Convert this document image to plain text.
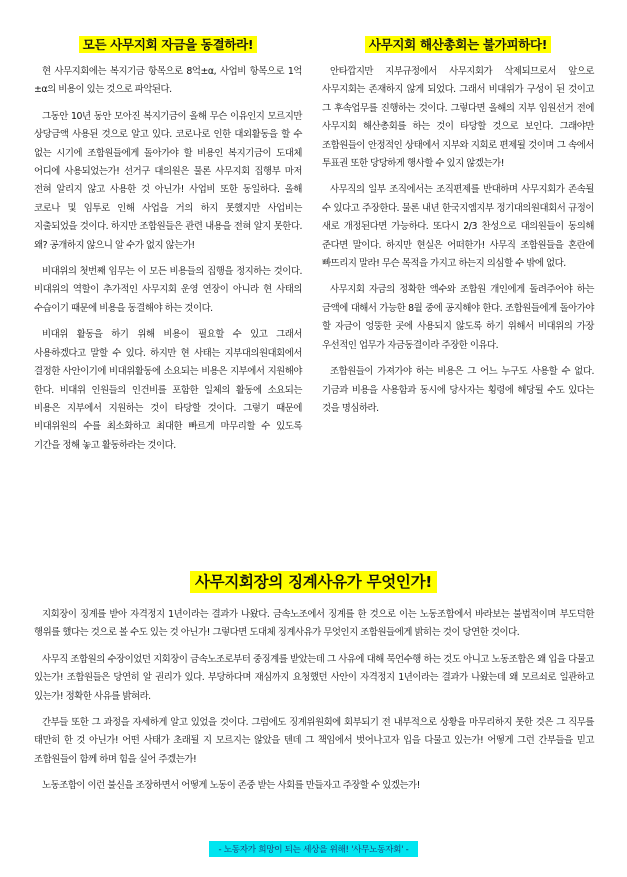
모든 사무지회 자금을 동결하라!

현 사무지회에는 복지기금 항목으로 8억±α, 사업비 항목으로 1억±α의 비용이 있는 것으로 파악된다.

그동안 10년 동안 모아진 복지기금이 올해 무슨 이유인지 모르지만 상당금액 사용된 것으로 알고 있다. 코로나로 인한 대외활동을 할 수 없는 시기에 조합원들에게 돌아가야 할 비용인 복지기금이 도대체 어디에 사용되었는가! 선거구 대의원은 물론 사무지회 집행부 마저 전혀 알리지 않고 사용한 것 아닌가! 사업비 또한 동일하다. 올해 코로나 및 임투로 인해 사업을 거의 하지 못했지만 사업비는 지출되었을 것이다. 하지만 조합원들은 관련 내용을 전혀 알지 못한다. 왜? 공개하지 않으니 알 수가 없지 않는가!

비대위의 첫번째 임무는 이 모든 비용들의 집행을 정지하는 것이다. 비대위의 역할이 추가적인 사무지회 운영 연장이 아니라 현 사태의 수습이기 때문에 비용을 동결해야 하는 것이다.

비대위 활동을 하기 위해 비용이 필요할 수 있고 그래서 사용하겠다고 말할 수 있다. 하지만 현 사태는 지부대의원대회에서 결정한 사안이기에 비대위활동에 소요되는 비용은 지부에서 지원해야 한다. 비대위 인원들의 인건비를 포함한 일체의 활동에 소요되는 비용은 지부에서 지원하는 것이 타당할 것이다. 그렇기 때문에 비대위원의 수를 최소화하고 최대한 빠르게 마무리할 수 있도록 기간을 정해 놓고 활동하라는 것이다.

사무지회 해산총회는 불가피하다!

안타깝지만 지부규정에서 사무지회가 삭제되므로서 앞으로 사무지회는 존재하지 않게 되었다. 그래서 비대위가 구성이 된 것이고 그 후속업무를 진행하는 것이다. 그렇다면 올해의 지부 임원선거 전에 사무지회 해산총회를 하는 것이 타당할 것으로 보인다. 그래야만 조합원들이 안정적인 상태에서 지부와 지회로 편제될 것이며 그 속에서 투표권 또한 당당하게 행사할 수 있지 않겠는가!

사무직의 일부 조직에서는 조직편제를 반대하며 사무지회가 존속될 수 있다고 주장한다. 물론 내년 한국지엠지부 정기대의원대회서 규정이 새로 개정된다면 가능하다. 또다시 2/3 찬성으로 대의원들이 동의해 준다면 말이다. 하지만 현실은 어떠한가! 사무직 조합원들을 혼란에 빠뜨리지 말라! 무슨 목적을 가지고 하는지 의심할 수 밖에 없다.

사무지회 자금의 정확한 액수와 조합원 개인에게 돌려주어야 하는 금액에 대해서 가능한 8월 중에 공지해야 한다. 조합원들에게 돌아가야 할 자금이 엉뚱한 곳에 사용되지 않도록 하기 위해서 비대위의 가장 우선적인 업무가 자금동결이라 주장한 이유다.

조합원들이 가져가야 하는 비용은 그 어느 누구도 사용할 수 없다. 기금과 비용을 사용함과 동시에 당사자는 횡령에 해당될 수도 있다는 것을 명심하라.

사무지회장의 징계사유가 무엇인가!

지회장이 징계를 받아 자격정지 1년이라는 결과가 나왔다. 금속노조에서 징계를 한 것으로 이는 노동조합에서 바라보는 불법적이며 부도덕한 행위를 했다는 것으로 볼 수도 있는 것 아닌가! 그렇다면 도대체 징계사유가 무엇인지 조합원들에게 밝히는 것이 당연한 것이다.

사무직 조합원의 수장이었던 지회장이 금속노조로부터 중징계를 받았는데 그 사유에 대해 묵언수행 하는 것도 아니고 노동조합은 왜 입을 다물고 있는가! 조합원들은 당연히 알 권리가 있다. 부당하다며 재심까지 요청했던 사안이 자격정지 1년이라는 결과가 나왔는데 왜 모르쇠로 일관하고 있는가! 정확한 사유를 밝혀라.

간부들 또한 그 과정을 자세하게 알고 있었을 것이다. 그럼에도 징계위원회에 회부되기 전 내부적으로 상황을 마무리하지 못한 것은 그 직무를 태만히 한 것 아닌가! 어떤 사태가 초래될 지 모르지는 않았을 텐데 그 책임에서 벗어나고자 입을 다물고 있는가! 어떻게 그런 간부들을 믿고 조합원들이 함께 하며 힘을 실어 주겠는가!

노동조합이 이런 불신을 조장하면서 어떻게 노동이 존중 받는 사회를 만들자고 주장할 수 있겠는가!

- 노동자가 희망이 되는 세상을 위해! '사무노동자회' -
